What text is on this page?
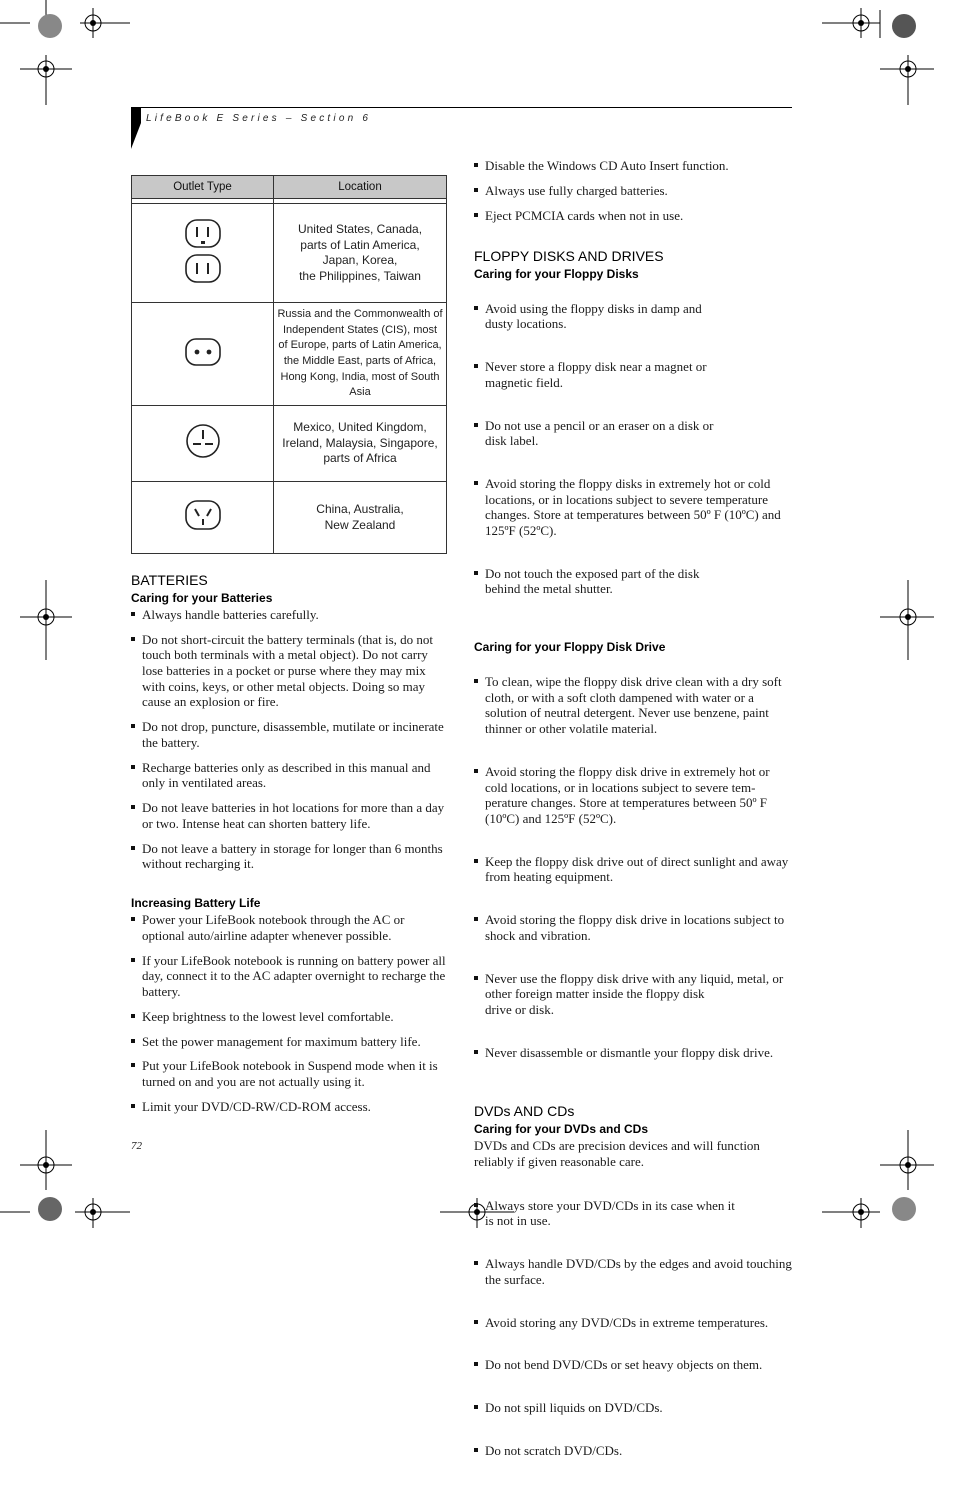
LifeBook E Series – Section 6
Outlet Type	Location

	United States, Canada,
parts of Latin America,
Japan, Korea,
the Philippines, Taiwan
	Russia and the Commonwealth of Independent States (CIS), most of Europe, parts of Latin America, the Middle East, parts of Africa, Hong Kong, India, most of South Asia
	Mexico, United Kingdom, Ireland, Malaysia, Singapore, parts of Africa
	China, Australia,
New Zealand
BATTERIES
Caring for your Batteries
Always handle batteries carefully.
Do not short-circuit the battery terminals (that is, do not touch both terminals with a metal object). Do not carry lose batteries in a pocket or purse where they may mix with coins, keys, or other metal objects. Doing so may cause an explosion or fire.
Do not drop, puncture, disassemble, mutilate or incinerate the battery.
Recharge batteries only as described in this manual and only in ventilated areas.
Do not leave batteries in hot locations for more than a day or two. Intense heat can shorten battery life.
Do not leave a battery in storage for longer than 6 months without recharging it.
Increasing Battery Life
Power your LifeBook notebook through the AC or optional auto/airline adapter whenever possible.
If your LifeBook notebook is running on battery power all day, connect it to the AC adapter overnight to recharge the battery.
Keep brightness to the lowest level comfortable.
Set the power management for maximum battery life.
Put your LifeBook notebook in Suspend mode when it is turned on and you are not actually using it.
Limit your DVD/CD-RW/CD-ROM access.
Disable the Windows CD Auto Insert function.
Always use fully charged batteries.
Eject PCMCIA cards when not in use.
FLOPPY DISKS AND DRIVES
Caring for your Floppy Disks

Avoid using the floppy disks in damp and
dusty locations.

Never store a floppy disk near a magnet or
magnetic field.

Do not use a pencil or an eraser on a disk or
disk label.

Avoid storing the floppy disks in extremely hot or cold locations, or in locations subject to severe temperature changes. Store at temperatures between 50º F (10ºC) and 125ºF (52ºC).

Do not touch the exposed part of the disk
behind the metal shutter.

Caring for your Floppy Disk Drive

To clean, wipe the floppy disk drive clean with a dry soft cloth, or with a soft cloth dampened with water or a solution of neutral detergent. Never use benzene, paint thinner or other volatile material.

Avoid storing the floppy disk drive in extremely hot or cold locations, or in locations subject to severe tem-perature changes. Store at temperatures between 50º F (10ºC) and 125ºF (52ºC).

Keep the floppy disk drive out of direct sunlight and away from heating equipment.

Avoid storing the floppy disk drive in locations subject to shock and vibration.

Never use the floppy disk drive with any liquid, metal, or other foreign matter inside the floppy disk
drive or disk.

Never disassemble or dismantle your floppy disk drive.

DVDs AND CDs
Caring for your DVDs and CDs

DVDs and CDs are precision devices and will function reliably if given reasonable care.

Always store your DVD/CDs in its case when it
is not in use.

Always handle DVD/CDs by the edges and avoid touching the surface.

Avoid storing any DVD/CDs in extreme temperatures.

Do not bend DVD/CDs or set heavy objects on them.

Do not spill liquids on DVD/CDs.

Do not scratch DVD/CDs.

72
